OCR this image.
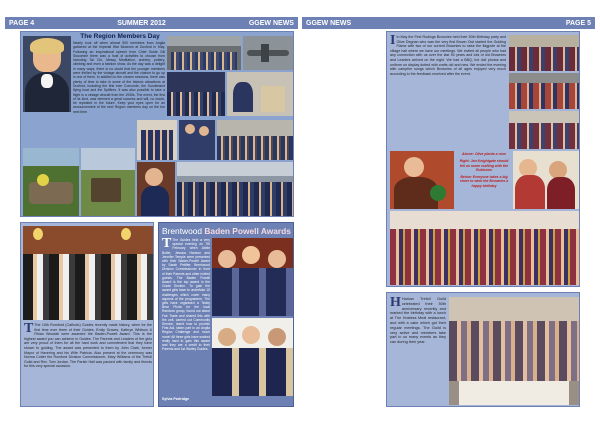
PAGE 4	SUMMER 2012	GGEW NEWS GGEW NEWS	PAGE 5
The Region Members Day
Nearly took off when almost 500 members from Anglia gathered at the Imperial War Museum at Duxford in May. Following an inspirational speech from Chief Guide Gill Slocombe there was a host of activities to choose from including Tai Chi, Messy Meditation, archery, pottery, climbing and even a fashion show. As the day was a delight in many ways, there is no doubt that the younger members were thrilled by the vintage aircraft and the chance to go up in one of them. In addition to the chosen sessions, there was plenty of time to take in some of the historic attractions at Duxford, including the first ever Concorde, the Sunderland flying boat and the Spitfires. It was also possible to take a flight in a vintage aircraft from the 1930s. The event, the first of its kind, was deemed a great success and will, no doubt, be repeated in the future. Keep your eyes open for an announcement of the next Region members day on the fun next time.
T The 10th Romford (Catholic) Guides recently made history, when for the first time ever three of their Guides, Emily Graves, Kathryn Whitson & Rhian Woodall were awarded the Baden-Powell Award. This is the highest award you can achieve in Guides. The Parents and Leaders of the girls are very proud of them for all the hard work and commitment that they have shown to guiding. The award was presented to them by John Clark, former Mayor of Havering and his Wife Patricia. Also present at the ceremony was Norma Cotter the Romford Division Commissioner, Mary Williams of the Trefoil Guild and Rev. Tom Jordan. The Parish Hall was packed with family and friends for this very special occasion.
Brentwood Baden Powell Awards
T The Guides held a very special evening on 7th February when Abbie Butler, Jessica Hanson and Jennifer Temple were presented with their Baden-Powell Award by Sarah Pettifer, Brentwood Division Commissioner in front of their Parents and other invited guests. The Baden Powell Award is the top award in the Guide Section. To gain the award girls have to undertake 10 challenges which cover many aspects of the programme. The girls have organised a Teddy Bear Picnic for the local Rainbow group, found out about Fair Trade and shared this with the unit, carried out Community Service, learnt how to provide First Aid, taken part in an Anglia Region Challenge and much more! All three girls have worked really hard to gain this award and they are a credit to their Parents and 1st Warley Guides.
Sylvia Partridge
I In May the First Rodings Brownies held their 50th Birthday party and Olive Degnan who was the very first Brown Owl started the Guiding Flame with two of our current Brownies to raise the flagpole at the village hall where we have our meetings. We invited all people who had any connection with us over the last 50 years and lots of old Brownies and Leaders arrived on the night. We had a BBQ, hot doll photos and uniform on display dotted with crafts old and new. We ended the evening with campfire songs which Brownies of all ages enjoyed very much according to the feedback received after the event.
Above: Olive plants a rose
Right: Jan Knightgate should tell us some crafting with the Rubicons
Below: Everyone takes a big cheer to wish the Brownies a happy birthday
H Harlow Trefoil Guild celebrated their 50th anniversary recently and marked the birthday with a lunch at The Hostess Meal restaurant, and with a cake which got their regular meetings. The Guild is very active and members take part in so many events as they can during their year.
